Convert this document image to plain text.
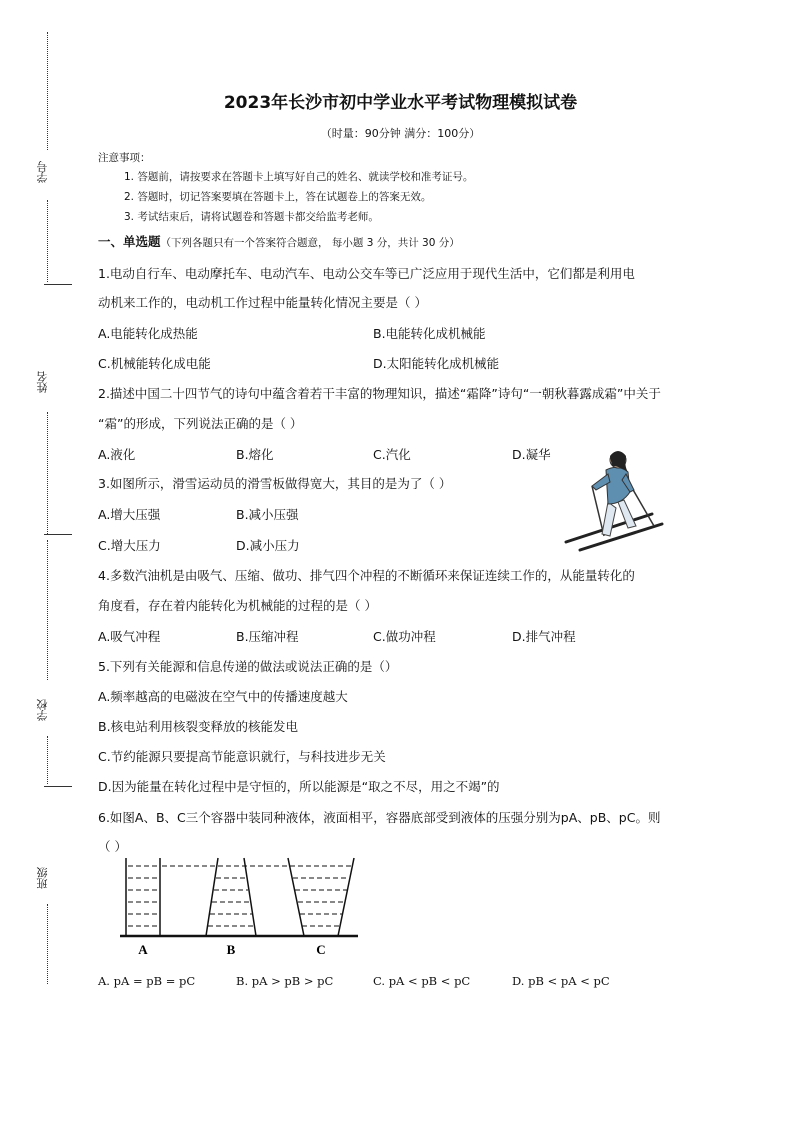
学号
姓名
学校
班级
2023年长沙市初中学业水平考试物理模拟试卷
（时量：90分钟 满分：100分）
注意事项：
1. 答题前，请按要求在答题卡上填写好自己的姓名、就读学校和准考证号。
2. 答题时，切记答案要填在答题卡上，答在试题卷上的答案无效。
3. 考试结束后，请将试题卷和答题卡都交给监考老师。
一、单选题（下列各题只有一个答案符合题意， 每小题 3 分，共计 30 分）
1.电动自行车、电动摩托车、电动汽车、电动公交车等已广泛应用于现代生活中，它们都是利用电
动机来工作的，电动机工作过程中能量转化情况主要是（ ）
A.电能转化成热能	B.电能转化成机械能
C.机械能转化成电能	D.太阳能转化成机械能
2.描述中国二十四节气的诗句中蕴含着若干丰富的物理知识，描述“霜降”诗句“一朝秋暮露成霜”中关于
“霜”的形成，下列说法正确的是（ ）
A.液化	B.熔化	C.汽化	D.凝华
3.如图所示，滑雪运动员的滑雪板做得宽大，其目的是为了（ ）
A.增大压强	B.减小压强
C.增大压力	D.减小压力
4.多数汽油机是由吸气、压缩、做功、排气四个冲程的不断循环来保证连续工作的，从能量转化的
角度看，存在着内能转化为机械能的过程的是（ ）
A.吸气冲程	B.压缩冲程	C.做功冲程	D.排气冲程
5.下列有关能源和信息传递的做法或说法正确的是（）
A.频率越高的电磁波在空气中的传播速度越大
B.核电站利用核裂变释放的核能发电
C.节约能源只要提高节能意识就行，与科技进步无关
D.因为能量在转化过程中是守恒的，所以能源是“取之不尽，用之不竭”的
6.如图A、B、C三个容器中装同种液体，液面相平，容器底部受到液体的压强分别为pA、pB、pC。则
（ ）
A	B	C
A. pA = pB = pC	B. pA > pB > pC	C. pA < pB < pC	D. pB < pA < pC
